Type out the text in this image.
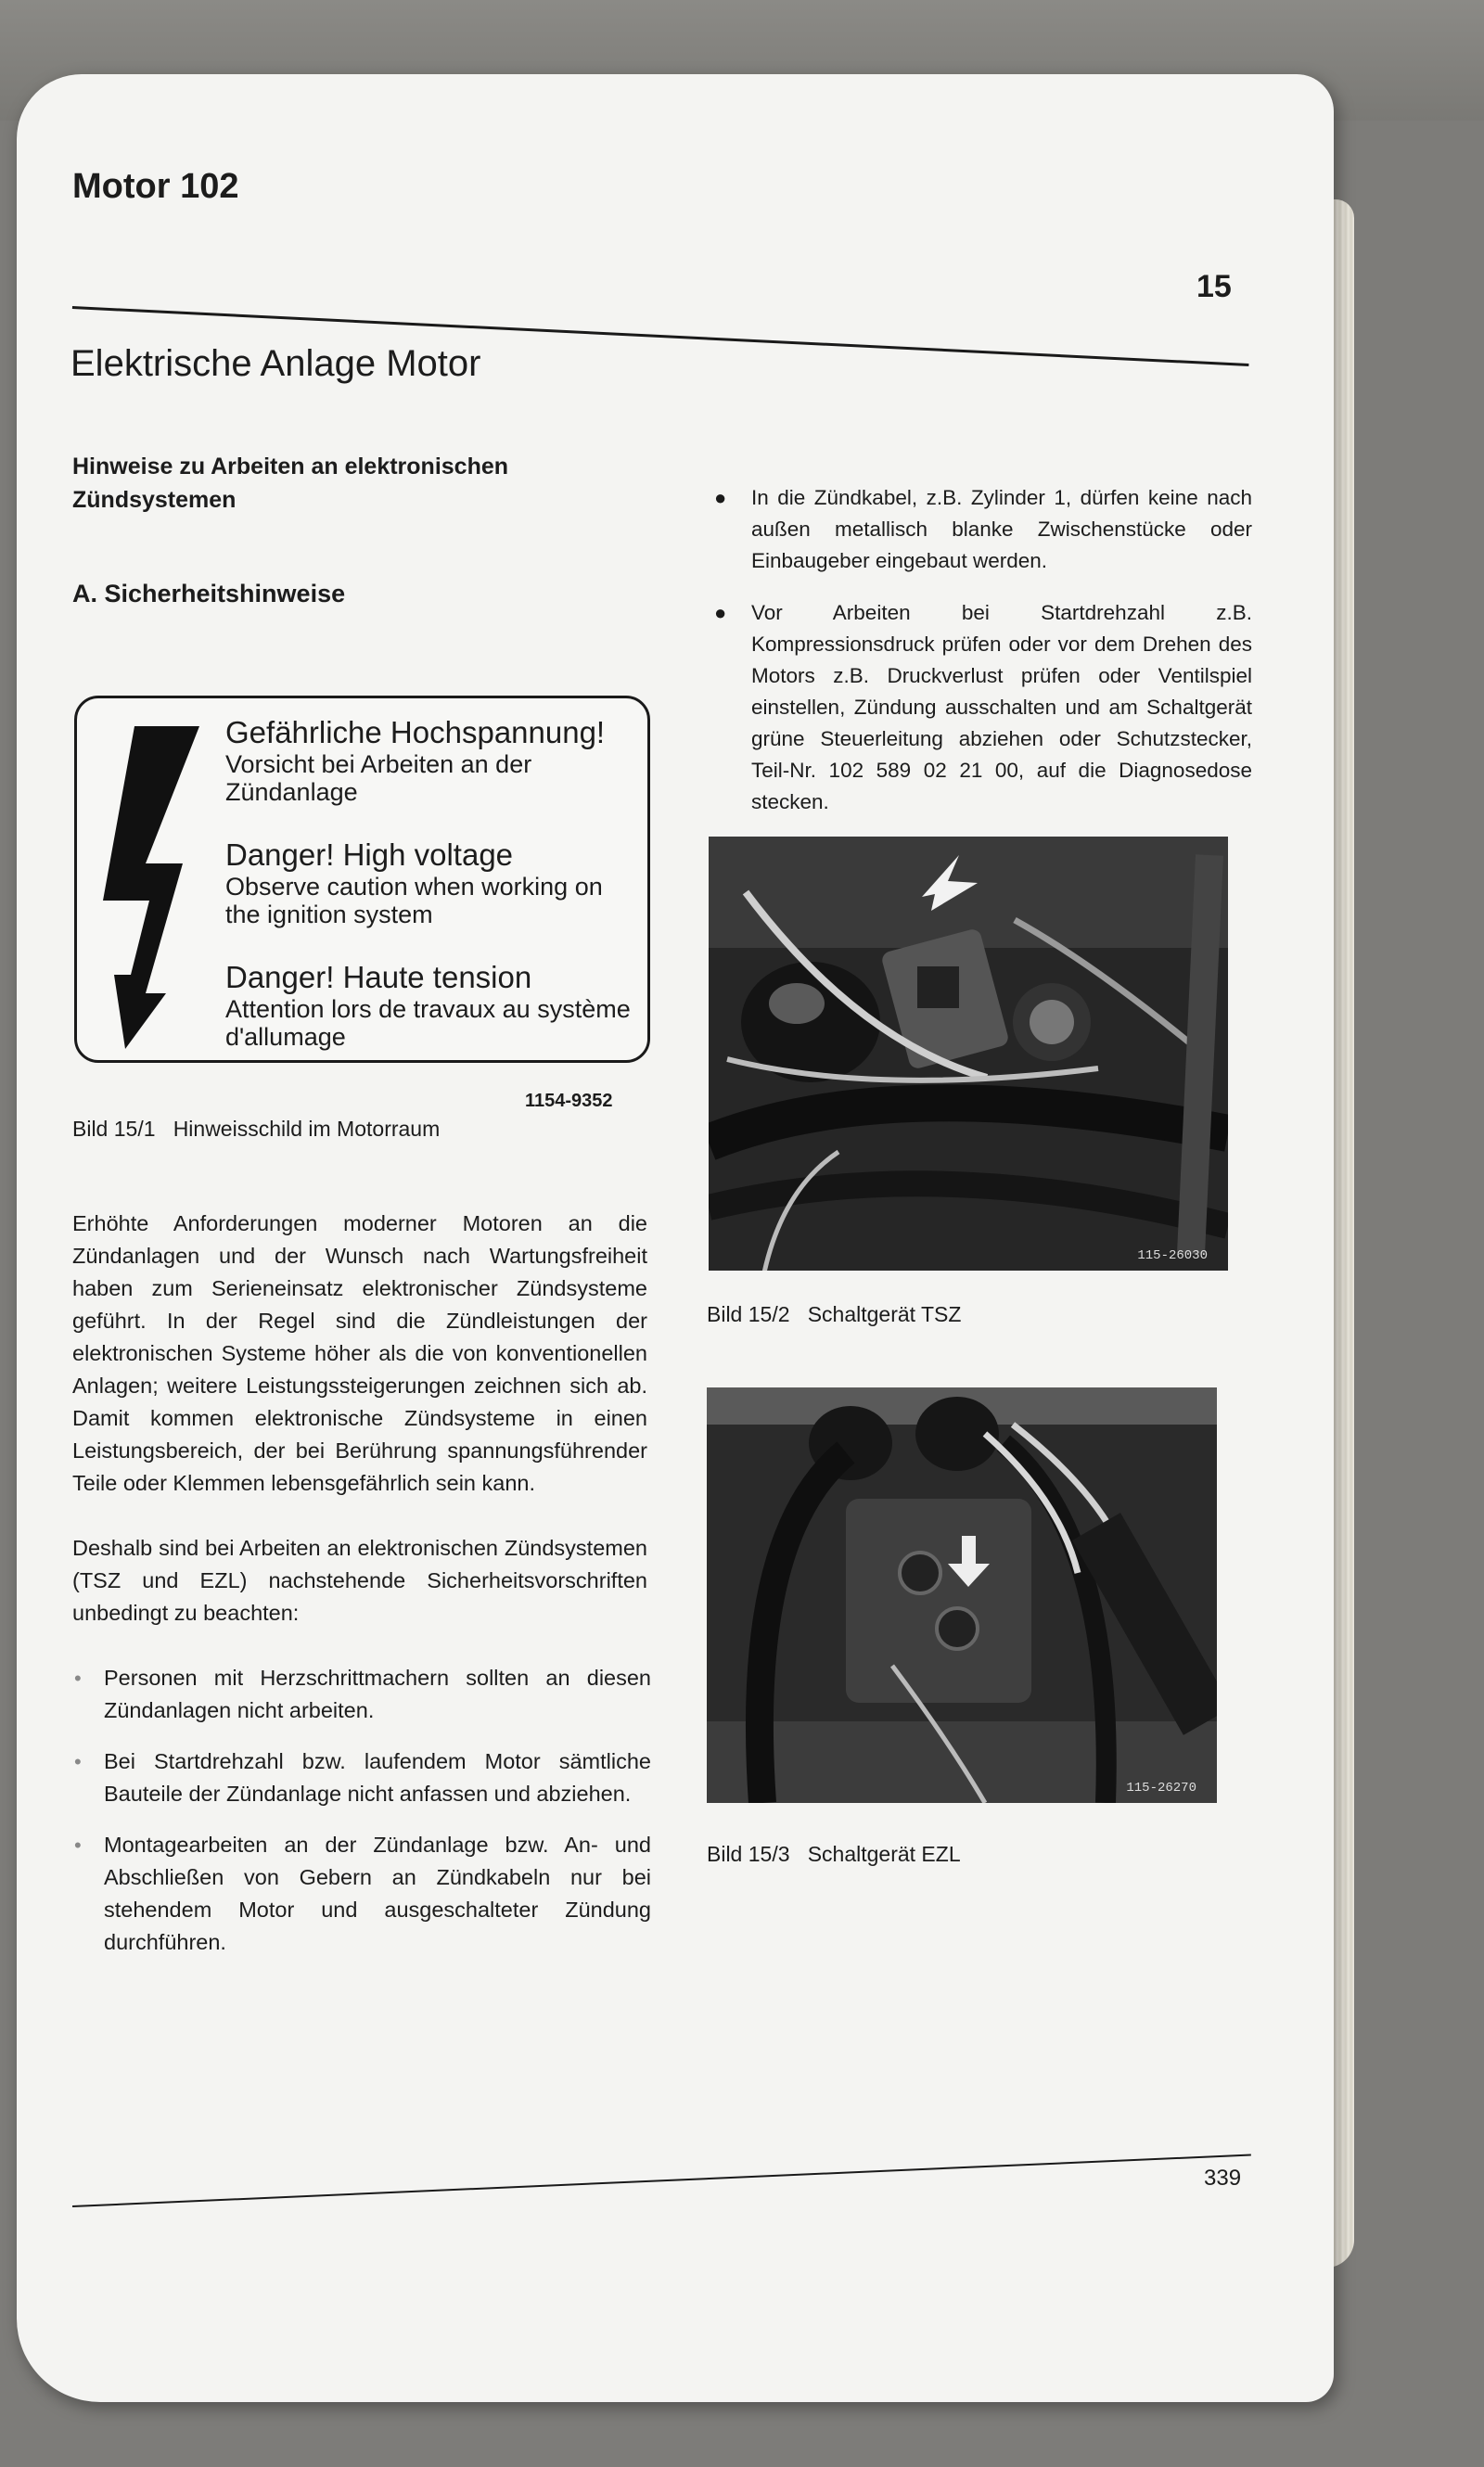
Motor 102
15
Elektrische Anlage Motor
Hinweise zu Arbeiten an elektronischen Zündsystemen
A. Sicherheitshinweise
Gefährliche Hochspannung!
Vorsicht bei Arbeiten an der Zündanlage
Danger! High voltage
Observe caution when working on the ignition system
Danger! Haute tension
Attention lors de travaux au système d'allumage
1154-9352
Bild 15/1 Hinweisschild im Motorraum
Erhöhte Anforderungen moderner Motoren an die Zündanlagen und der Wunsch nach Wartungsfreiheit haben zum Serieneinsatz elektronischer Zündsysteme geführt. In der Regel sind die Zündleistungen der elektronischen Systeme höher als die von konventionellen Anlagen; weitere Leistungssteigerungen zeichnen sich ab. Damit kommen elektronische Zündsysteme in einen Leistungsbereich, der bei Berührung spannungsführender Teile oder Klemmen lebensgefährlich sein kann.
Deshalb sind bei Arbeiten an elektronischen Zündsystemen (TSZ und EZL) nachstehende Sicherheitsvorschriften unbedingt zu beachten:
• Personen mit Herzschrittmachern sollten an diesen Zündanlagen nicht arbeiten.
• Bei Startdrehzahl bzw. laufendem Motor sämtliche Bauteile der Zündanlage nicht anfassen und abziehen.
• Montagearbeiten an der Zündanlage bzw. An- und Abschließen von Gebern an Zündkabeln nur bei stehendem Motor und ausgeschalteter Zündung durchführen.
● In die Zündkabel, z.B. Zylinder 1, dürfen keine nach außen metallisch blanke Zwischenstücke oder Einbaugeber eingebaut werden.
● Vor Arbeiten bei Startdrehzahl z.B. Kompressionsdruck prüfen oder vor dem Drehen des Motors z.B. Druckverlust prüfen oder Ventilspiel einstellen, Zündung ausschalten und am Schaltgerät grüne Steuerleitung abziehen oder Schutzstecker, Teil-Nr. 102 589 02 21 00, auf die Diagnosedose stecken.
115-26030
Bild 15/2 Schaltgerät TSZ
115-26270
Bild 15/3 Schaltgerät EZL
339
